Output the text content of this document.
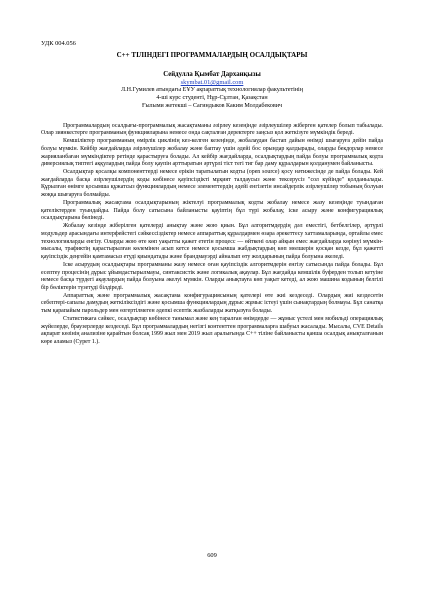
УДК 004.056
С++ ТІЛІНДЕГІ ПРОГРАММАЛАРДЫҢ ОСАЛДЫҚТАРЫ
Сейдулла Қымбат Дарханқызы
skymbat.01@gmail.com
Л.Н.Гумилев атындағы ЕҰУ ақпараттық технологиялар факультетінің
4-ші курс студенті, Нұр-Сұлтан, Қазақстан
Ғылыми жетекші – Сагиндыков Каким Молдабекович

Программалардың осалдығы-программалық жасақтаманы әзірлеу кезеңінде әзірлеушілер жіберген қателер болып табылады. Олар зиянкестерге программаның функцияларына немесе онда сақталған деректерге заңсыз қол жеткізуге мүмкіндік береді.

Кемшіліктер программаның өмірлік циклінің кез-келген кезеңінде, жобалаудан бастап дайын өнімді шығаруға дейін пайда болуы мүмкін. Кейбір жағдайларда әзірлеушілер жобалау және баптау үшін әдейі бос орындар қалдырады, оларды бекдорлар немесе жарияланбаған мүмкіндіктер ретінде қарастыруға болады. Ал кейбір жағдайларда, осалдықтардың пайда болуы программалық кодта диверсиялық типтегі аққулардың пайда болу қаупін арттыратын әртүрлі тіст тегі тиг бар даму құралдарын қолданумен байланысты.

Осалдықтар қосалқы компоненттерді немесе ерікін таратылатын кодты (open source) қосу нәтижесінде де пайда болады. Кей жағдайларда басқа әзірлеушілердің коды көбінесе қауіпсіздікті мұқият талдаусыз және тексерусіз "сол күйінде" қолданылады. Құрылған өнімге қосымша құжатсыз функциялардың немесе элементтердің әдейі енгізетін инсайдерлік әзірлеушілер тобының болуын жоққа шығаруға болмайды.

Программалық жасақтама осалдықтарының жіктелуі программалық кодты жобалау немесе жазу кезеңінде туындаған қателіктерден туындайды. Пайда болу сатысына байланысты қауіптің бұл түрі жобалау, іске асыру және конфигурациялық осалдықтарына бөлінеді.

Жобалау кезінде жіберілген қателерді анықтау және жою қиын. Бұл алгоритмдердің дәл еместігі, бетбелгілер, әртүрлі модульдер арасындағы интерфейстегі сәйкессіздіктер немесе аппараттық құралдармен өзара әрекеттесу хаттамаларында, ортайлы емес технологияларды енгізу. Оларды жою өте көп уақытты қажет ететін процесс — өйткені олар айқын емес жағдайларда көрінуі мүмкін-мысалы, трафиктің қарастырылған көлемінен асып кетсе немесе қосымша жабдықтардың көп мөлшерін қосқан кезде, бұл қажетті қауіпсіздік деңгейін қамтамасыз етуді қиындатады және брандмауэрді айналып өту жолдарының пайда болуына әкеледі.

Іске асырудың осалдықтары программаны жазу немесе оған қауіпсіздік алгоритмдерін енгізу сатысында пайда болады. Бұл есептеу процесінің дұрыс ұйымдастырылмауы, синтаксистік және логикалық ақаулар. Бұл жағдайда кемшілік буферден толып кетуіне немесе басқа түрдегі ақаулардың пайда болуына әкелуі мүмкін. Оларды анықтауға көп уақыт кетеді, ал жою машина кодының белгілі бір бөліктерін түзетуді білдіреді.

Аппараттық және программалық жасақтама конфигурациясының қателері өте жиі кездеседі. Олардың жиі кездесетін себептері-сапалы дамудың жеткіліксіздігі және қосымша функциялардың дұрыс жұмыс істеуі үшін сынақтардың болмауы. Бұл санатқа тым қарапайым парольдер мен өзгертілмеген әдепкі есептік жазбаларды жатқызуға болады.

Статистикаға сәйкес, осалдықтар көбінесе танымал және кең таралған өнімдерде — жұмыс үстелі мен мобильді операциялық жүйелерде, браузерлерде кездеседі. Бұл программалардың негізгі контенттен программаларға шабуыл жасалады. Мысалы, CVE Details ақпарат көзінің анализіне қарайтын болсақ 1999 жыл мен 2019 жыл аралығында С++ тіліне байланысты қанша осалдық анықталғанын көре аламыз (Сурет 1.).

609
